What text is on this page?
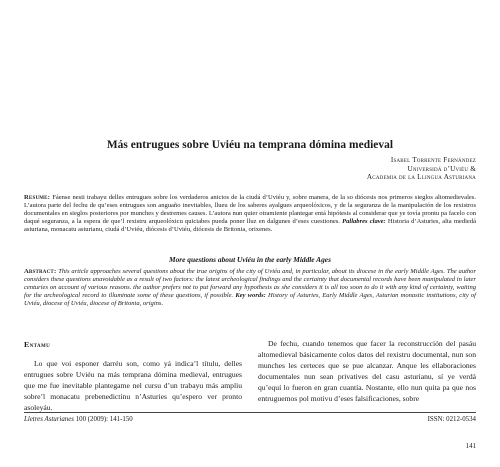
Más entrugues sobre Uviéu na temprana dómina medieval
Isabel Torrente Fernández
Universidá d’Uviéu &
Academia de la Llingua Asturiana
Resume: Fáense nesti trabayu delles entrugues sobre los verdaderos anicios de la ciudá d’Uviéu y, sobre manera, de la so diócesis nos primeros sieglos altomedievales. L’autora parte del fechu de qu’eses entrugues son anguaño inevitables, llueu de los saberes ayalgues arqueolóxicos, y de la seguranza de la manipulación de los rexistros documentales en sieglos posteriores por munches y destremes causes. L’autora nun quier otramiente plantegar entá hipótesis al considerar que ye tovía prontu pa facelo con daqué seguranza, a la espera de que’l rexistru arqueolóxicu quiciabes pueda poner lluz en dalgunes d’eses cuestiones. Pallabres clave: Historia d’Asturies, alta mediedá asturiana, monacatu asturianu, ciudá d’Uviéu, diócesis d’Uviéu, diócesis de Britonia, orixenes.
More questions about Uviéu in the early Middle Ages
Abstract: This article approaches several questions about the true origins of the city of Uviéu and, in particular, about its diocese in the early Middle Ages. The author considers these questions unavoidable as a result of two factors: the latest archeological findings and the certainty that documental records have been manipulated in later centuries on account of various reasons. the author prefers not to put forward any hypothesis as she considers it is all too soon to do it with any kind of certainty, waiting for the archeological record to illuminate some of these questions, if possible. Key words: History of Asturies, Early Middle Ages, Asturian monastic institutions, city of Uviéu, diocese of Uviéu, diocese of Britonia, origins.
Entamu

Lo que voi esponer darréu son, como yá indica’l títulu, delles entrugues sobre Uviéu na más temprana dómina medieval, entrugues que me fue inevitable plantegame nel cursu d’un trabayu más ampliu sobre’l monacatu prebenedictinu n’Asturies qu’espero ver pronto asoleyáu.

De fechu, cuando tenemos que facer la reconstrucción del pasáu altomedieval básicamente colos datos del rexistru documental, nun son munches les certeces que se pue alcanzar. Anque les ellaboraciones documentales nun sean privatives del casu asturianu, sí ye verdá qu’equí lo fueron en gran cuantía. Nostante, ello nun quita pa que nos entruguemos pol motivu d’eses falsificaciones, sobre

Lletres Asturianes 100 (2009): 141-150	ISSN: 0212-0534
141
